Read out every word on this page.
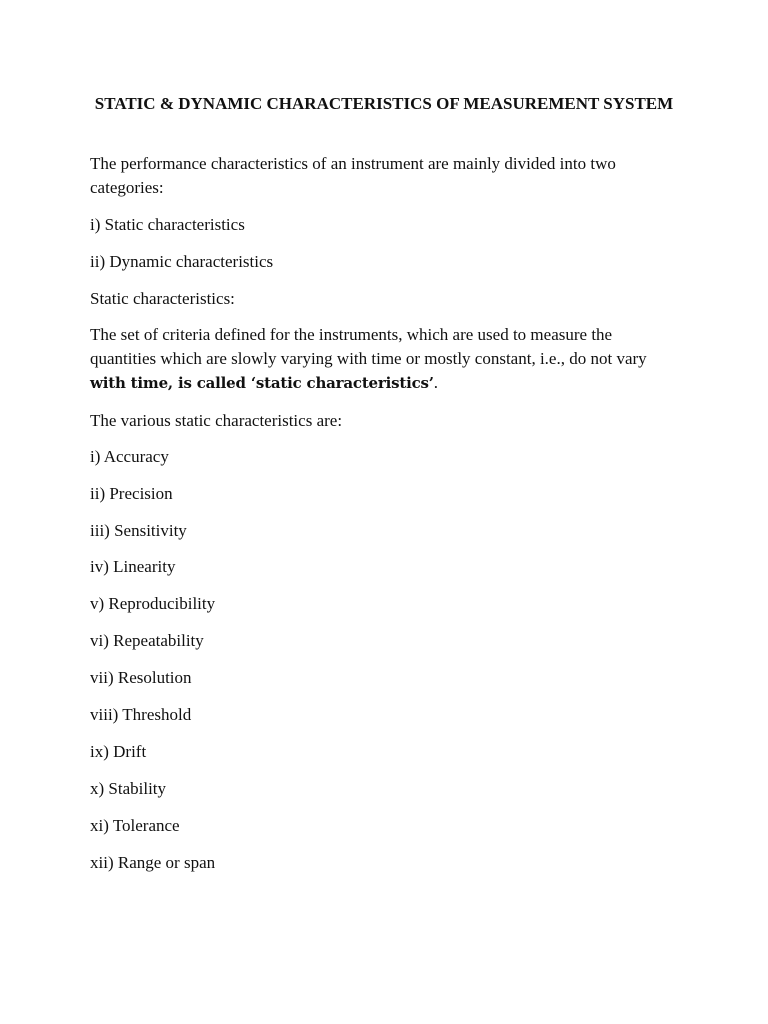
STATIC & DYNAMIC CHARACTERISTICS OF MEASUREMENT SYSTEM

The performance characteristics of an instrument are mainly divided into two categories:

i) Static characteristics

ii) Dynamic characteristics

Static characteristics:

The set of criteria defined for the instruments, which are used to measure the quantities which are slowly varying with time or mostly constant, i.e., do not vary with time, is called ‘static characteristics’.

The various static characteristics are:

i) Accuracy

ii) Precision

iii) Sensitivity

iv) Linearity

v) Reproducibility

vi) Repeatability

vii) Resolution

viii) Threshold

ix) Drift

x) Stability

xi) Tolerance

xii) Range or span
